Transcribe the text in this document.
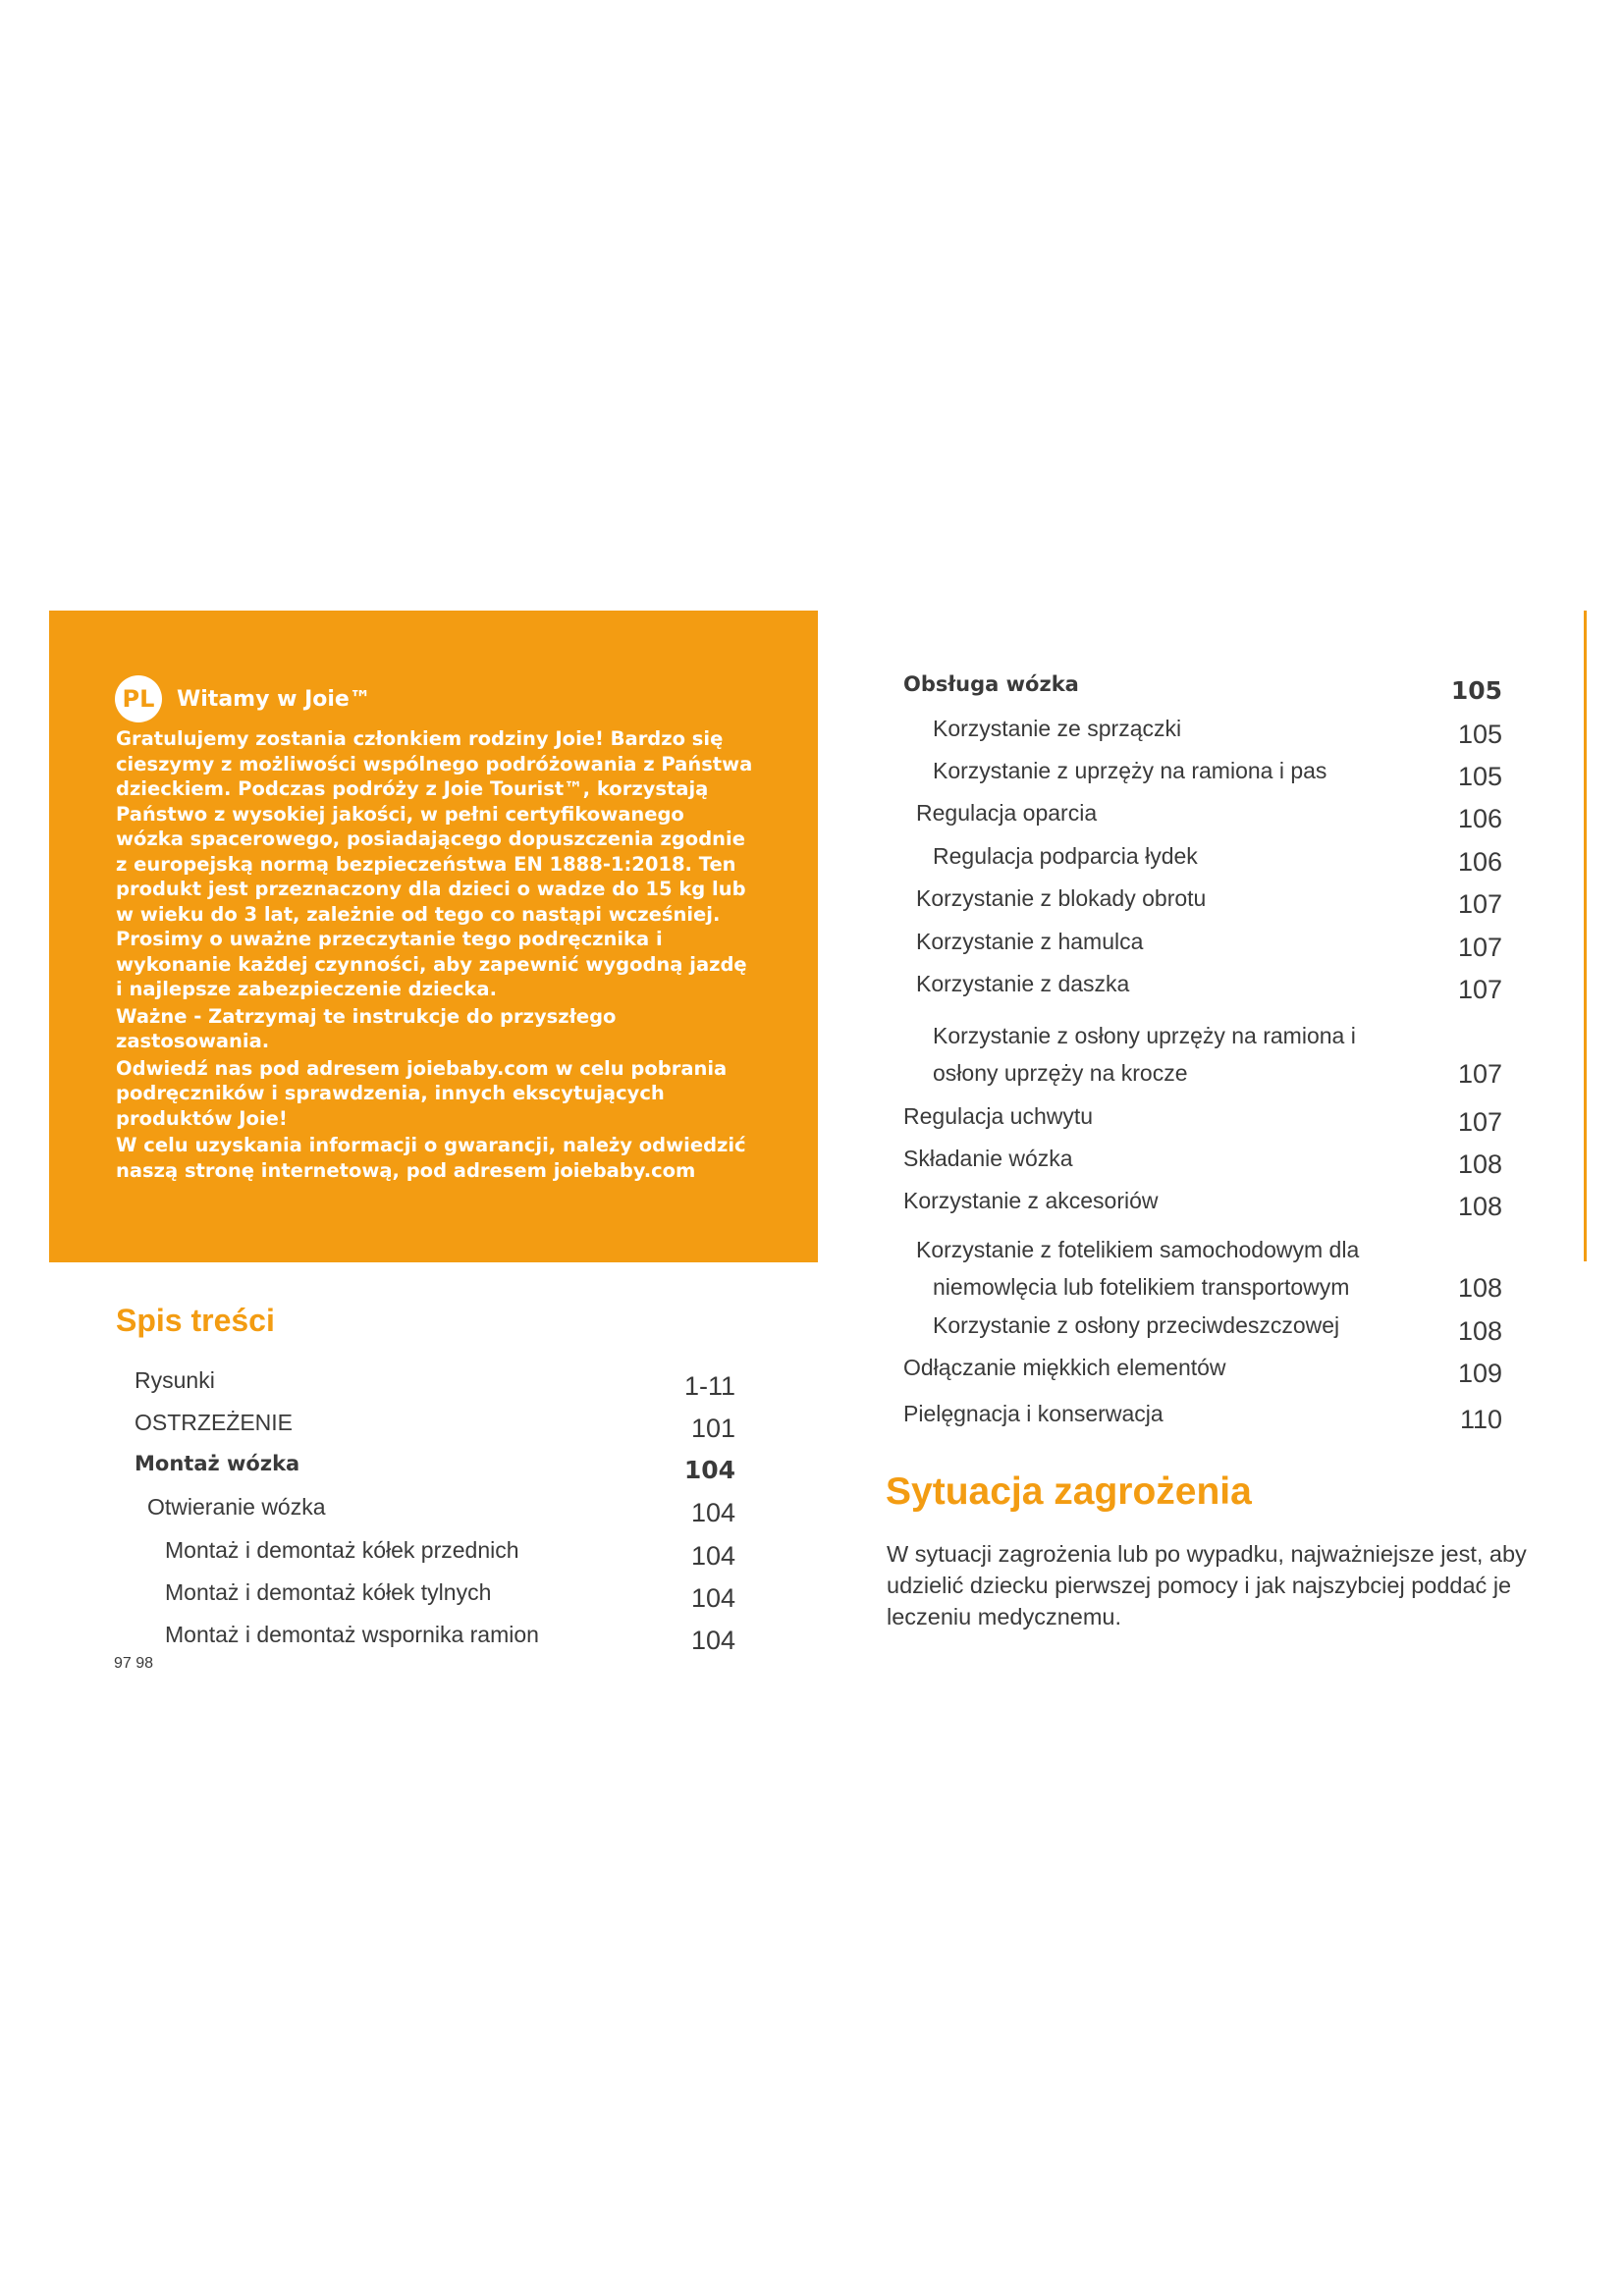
PL	Witamy w Joie™

Gratulujemy zostania członkiem rodziny Joie! Bardzo się cieszymy z możliwości wspólnego podróżowania z Państwa dzieckiem. Podczas podróży z Joie Tourist™, korzystają Państwo z wysokiej jakości, w pełni certyfikowanego wózka spacerowego, posiadającego dopuszczenia zgodnie z europejską normą bezpieczeństwa EN 1888-1:2018. Ten produkt jest przeznaczony dla dzieci o wadze do 15 kg lub w wieku do 3 lat, zależnie od tego co nastąpi wcześniej. Prosimy o uważne przeczytanie tego podręcznika i wykonanie każdej czynności, aby zapewnić wygodną jazdę i najlepsze zabezpieczenie dziecka.

Ważne - Zatrzymaj te instrukcje do przyszłego zastosowania.

Odwiedź nas pod adresem joiebaby.com w celu pobrania podręczników i sprawdzenia, innych ekscytujących produktów Joie!

W celu uzyskania informacji o gwarancji, należy odwiedzić naszą stronę internetową, pod adresem joiebaby.com

Spis treści
Rysunki	1-11
OSTRZEŻENIE	101
Montaż wózka	104
Otwieranie wózka	104
Montaż i demontaż kółek przednich	104
Montaż i demontaż kółek tylnych	104
Montaż i demontaż wspornika ramion	104
97 98
Obsługa wózka	105
Korzystanie ze sprzączki	105
Korzystanie z uprzęży na ramiona i pas	105
Regulacja oparcia	106
Regulacja podparcia łydek	106
Korzystanie z blokady obrotu	107
Korzystanie z hamulca	107
Korzystanie z daszka	107
Korzystanie z osłony uprzęży na ramiona i
osłony uprzęży na krocze	107
Regulacja uchwytu	107
Składanie wózka	108
Korzystanie z akcesoriów	108
Korzystanie z fotelikiem samochodowym dla
niemowlęcia lub fotelikiem transportowym	108
Korzystanie z osłony przeciwdeszczowej	108
Odłączanie miękkich elementów	109
Pielęgnacja i konserwacja	110
Sytuacja zagrożenia
W sytuacji zagrożenia lub po wypadku, najważniejsze jest, aby udzielić dziecku pierwszej pomocy i jak najszybciej poddać je leczeniu medycznemu.
